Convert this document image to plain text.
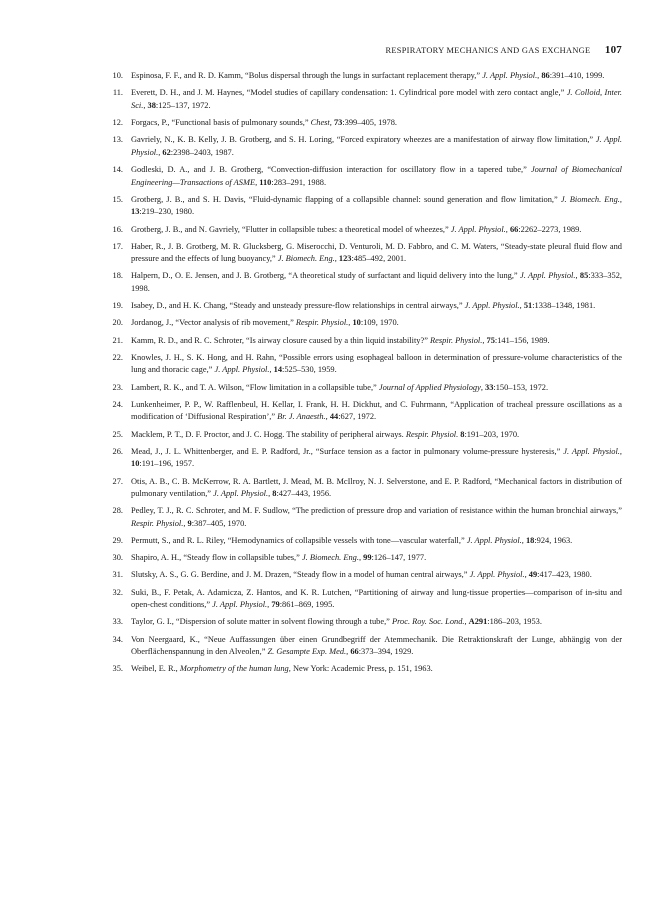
RESPIRATORY MECHANICS AND GAS EXCHANGE 107
10. Espinosa, F. F., and R. D. Kamm, “Bolus dispersal through the lungs in surfactant replacement therapy,” J. Appl. Physiol., 86:391–410, 1999.
11. Everett, D. H., and J. M. Haynes, “Model studies of capillary condensation: 1. Cylindrical pore model with zero contact angle,” J. Colloid, Inter. Sci., 38:125–137, 1972.
12. Forgacs, P., “Functional basis of pulmonary sounds,” Chest, 73:399–405, 1978.
13. Gavriely, N., K. B. Kelly, J. B. Grotberg, and S. H. Loring, “Forced expiratory wheezes are a manifestation of airway flow limitation,” J. Appl. Physiol., 62:2398–2403, 1987.
14. Godleski, D. A., and J. B. Grotberg, “Convection-diffusion interaction for oscillatory flow in a tapered tube,” Journal of Biomechanical Engineering—Transactions of ASME, 110:283–291, 1988.
15. Grotberg, J. B., and S. H. Davis, “Fluid-dynamic flapping of a collapsible channel: sound generation and flow limitation,” J. Biomech. Eng., 13:219–230, 1980.
16. Grotberg, J. B., and N. Gavriely, “Flutter in collapsible tubes: a theoretical model of wheezes,” J. Appl. Physiol., 66:2262–2273, 1989.
17. Haber, R., J. B. Grotberg, M. R. Glucksberg, G. Miserocchi, D. Venturoli, M. D. Fabbro, and C. M. Waters, “Steady-state pleural fluid flow and pressure and the effects of lung buoyancy,” J. Biomech. Eng., 123:485–492, 2001.
18. Halpern, D., O. E. Jensen, and J. B. Grotberg, “A theoretical study of surfactant and liquid delivery into the lung,” J. Appl. Physiol., 85:333–352, 1998.
19. Isabey, D., and H. K. Chang, “Steady and unsteady pressure-flow relationships in central airways,” J. Appl. Physiol., 51:1338–1348, 1981.
20. Jordanog, J., “Vector analysis of rib movement,” Respir. Physiol., 10:109, 1970.
21. Kamm, R. D., and R. C. Schroter, “Is airway closure caused by a thin liquid instability?” Respir. Physiol., 75:141–156, 1989.
22. Knowles, J. H., S. K. Hong, and H. Rahn, “Possible errors using esophageal balloon in determination of pressure-volume characteristics of the lung and thoracic cage,” J. Appl. Physiol., 14:525–530, 1959.
23. Lambert, R. K., and T. A. Wilson, “Flow limitation in a collapsible tube,” Journal of Applied Physiology, 33:150–153, 1972.
24. Lunkenheimer, P. P., W. Rafflenbeul, H. Kellar, I. Frank, H. H. Dickhut, and C. Fuhrmann, “Application of tracheal pressure oscillations as a modification of ‘Diffusional Respiration’,” Br. J. Anaesth., 44:627, 1972.
25. Macklem, P. T., D. F. Proctor, and J. C. Hogg. The stability of peripheral airways. Respir. Physiol. 8:191–203, 1970.
26. Mead, J., J. L. Whittenberger, and E. P. Radford, Jr., “Surface tension as a factor in pulmonary volume-pressure hysteresis,” J. Appl. Physiol., 10:191–196, 1957.
27. Otis, A. B., C. B. McKerrow, R. A. Bartlett, J. Mead, M. B. McIlroy, N. J. Selverstone, and E. P. Radford, “Mechanical factors in distribution of pulmonary ventilation,” J. Appl. Physiol., 8:427–443, 1956.
28. Pedley, T. J., R. C. Schroter, and M. F. Sudlow, “The prediction of pressure drop and variation of resistance within the human bronchial airways,” Respir. Physiol., 9:387–405, 1970.
29. Permutt, S., and R. L. Riley, “Hemodynamics of collapsible vessels with tone—vascular waterfall,” J. Appl. Physiol., 18:924, 1963.
30. Shapiro, A. H., “Steady flow in collapsible tubes,” J. Biomech. Eng., 99:126–147, 1977.
31. Slutsky, A. S., G. G. Berdine, and J. M. Drazen, “Steady flow in a model of human central airways,” J. Appl. Physiol., 49:417–423, 1980.
32. Suki, B., F. Petak, A. Adamicza, Z. Hantos, and K. R. Lutchen, “Partitioning of airway and lung-tissue properties—comparison of in-situ and open-chest conditions,” J. Appl. Physiol., 79:861–869, 1995.
33. Taylor, G. I., “Dispersion of solute matter in solvent flowing through a tube,” Proc. Roy. Soc. Lond., A291:186–203, 1953.
34. Von Neergaard, K., “Neue Auffassungen über einen Grundbegriff der Atemmechanik. Die Retraktionskraft der Lunge, abhängig von der Oberflächenspannung in den Alveolen,” Z. Gesampte Exp. Med., 66:373–394, 1929.
35. Weibel, E. R., Morphometry of the human lung, New York: Academic Press, p. 151, 1963.
